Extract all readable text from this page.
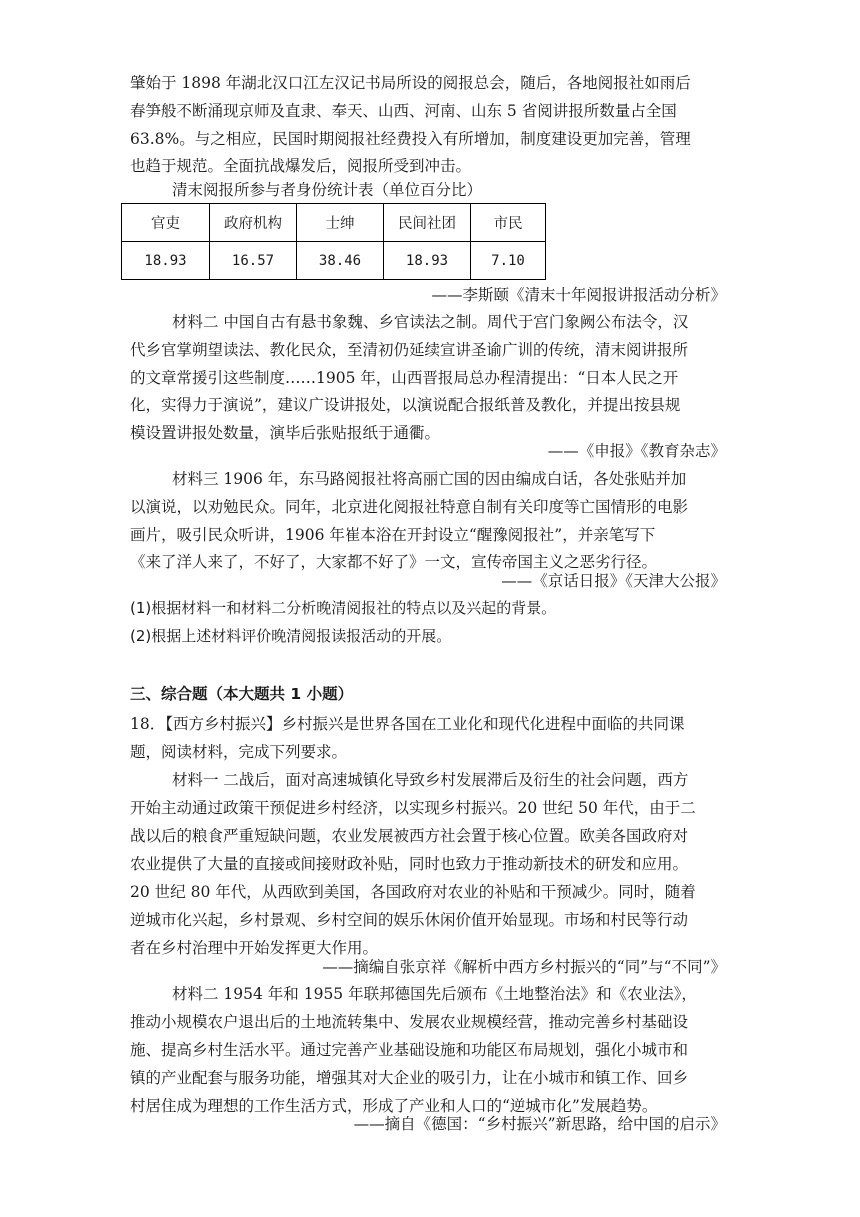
肇始于 1898 年湖北汉口江左汉记书局所设的阅报总会，随后，各地阅报社如雨后
春笋般不断涌现京师及直隶、奉天、山西、河南、山东 5 省阅讲报所数量占全国
63.8%。与之相应，民国时期阅报社经费投入有所增加，制度建设更加完善，管理
也趋于规范。全面抗战爆发后，阅报所受到冲击。
清末阅报所参与者身份统计表（单位百分比）
官吏	政府机构	士绅	民间社团	市民
18.93	16.57	38.46	18.93	7.10
——李斯颐《清末十年阅报讲报活动分析》
材料二 中国自古有悬书象魏、乡官读法之制。周代于宫门象阙公布法令，汉
代乡官掌朔望读法、教化民众，至清初仍延续宣讲圣谕广训的传统，清末阅讲报所
的文章常援引这些制度……1905 年，山西晋报局总办程清提出：“日本人民之开
化，实得力于演说”，建议广设讲报处，以演说配合报纸普及教化，并提出按县规
模设置讲报处数量，演毕后张贴报纸于通衢。
——《申报》《教育杂志》
材料三 1906 年，东马路阅报社将高丽亡国的因由编成白话，各处张贴并加
以演说，以劝勉民众。同年，北京进化阅报社特意自制有关印度等亡国情形的电影
画片，吸引民众听讲，1906 年崔本浴在开封设立“醒豫阅报社”，并亲笔写下
《来了洋人来了，不好了，大家都不好了》一文，宣传帝国主义之恶劣行径。
——《京话日报》《天津大公报》
(1)根据材料一和材料二分析晚清阅报社的特点以及兴起的背景。
(2)根据上述材料评价晚清阅报读报活动的开展。
三、综合题（本大题共 1 小题）
18．【西方乡村振兴】乡村振兴是世界各国在工业化和现代化进程中面临的共同课
题，阅读材料，完成下列要求。
材料一 二战后，面对高速城镇化导致乡村发展滞后及衍生的社会问题，西方
开始主动通过政策干预促进乡村经济，以实现乡村振兴。20 世纪 50 年代，由于二
战以后的粮食严重短缺问题，农业发展被西方社会置于核心位置。欧美各国政府对
农业提供了大量的直接或间接财政补贴，同时也致力于推动新技术的研发和应用。
20 世纪 80 年代，从西欧到美国，各国政府对农业的补贴和干预减少。同时，随着
逆城市化兴起，乡村景观、乡村空间的娱乐休闲价值开始显现。市场和村民等行动
者在乡村治理中开始发挥更大作用。
——摘编自张京祥《解析中西方乡村振兴的“同”与“不同”》
材料二 1954 年和 1955 年联邦德国先后颁布《土地整治法》和《农业法》，
推动小规模农户退出后的土地流转集中、发展农业规模经营，推动完善乡村基础设
施、提高乡村生活水平。通过完善产业基础设施和功能区布局规划，强化小城市和
镇的产业配套与服务功能，增强其对大企业的吸引力，让在小城市和镇工作、回乡
村居住成为理想的工作生活方式，形成了产业和人口的“逆城市化”发展趋势。
——摘自《德国：“乡村振兴”新思路，给中国的启示》
